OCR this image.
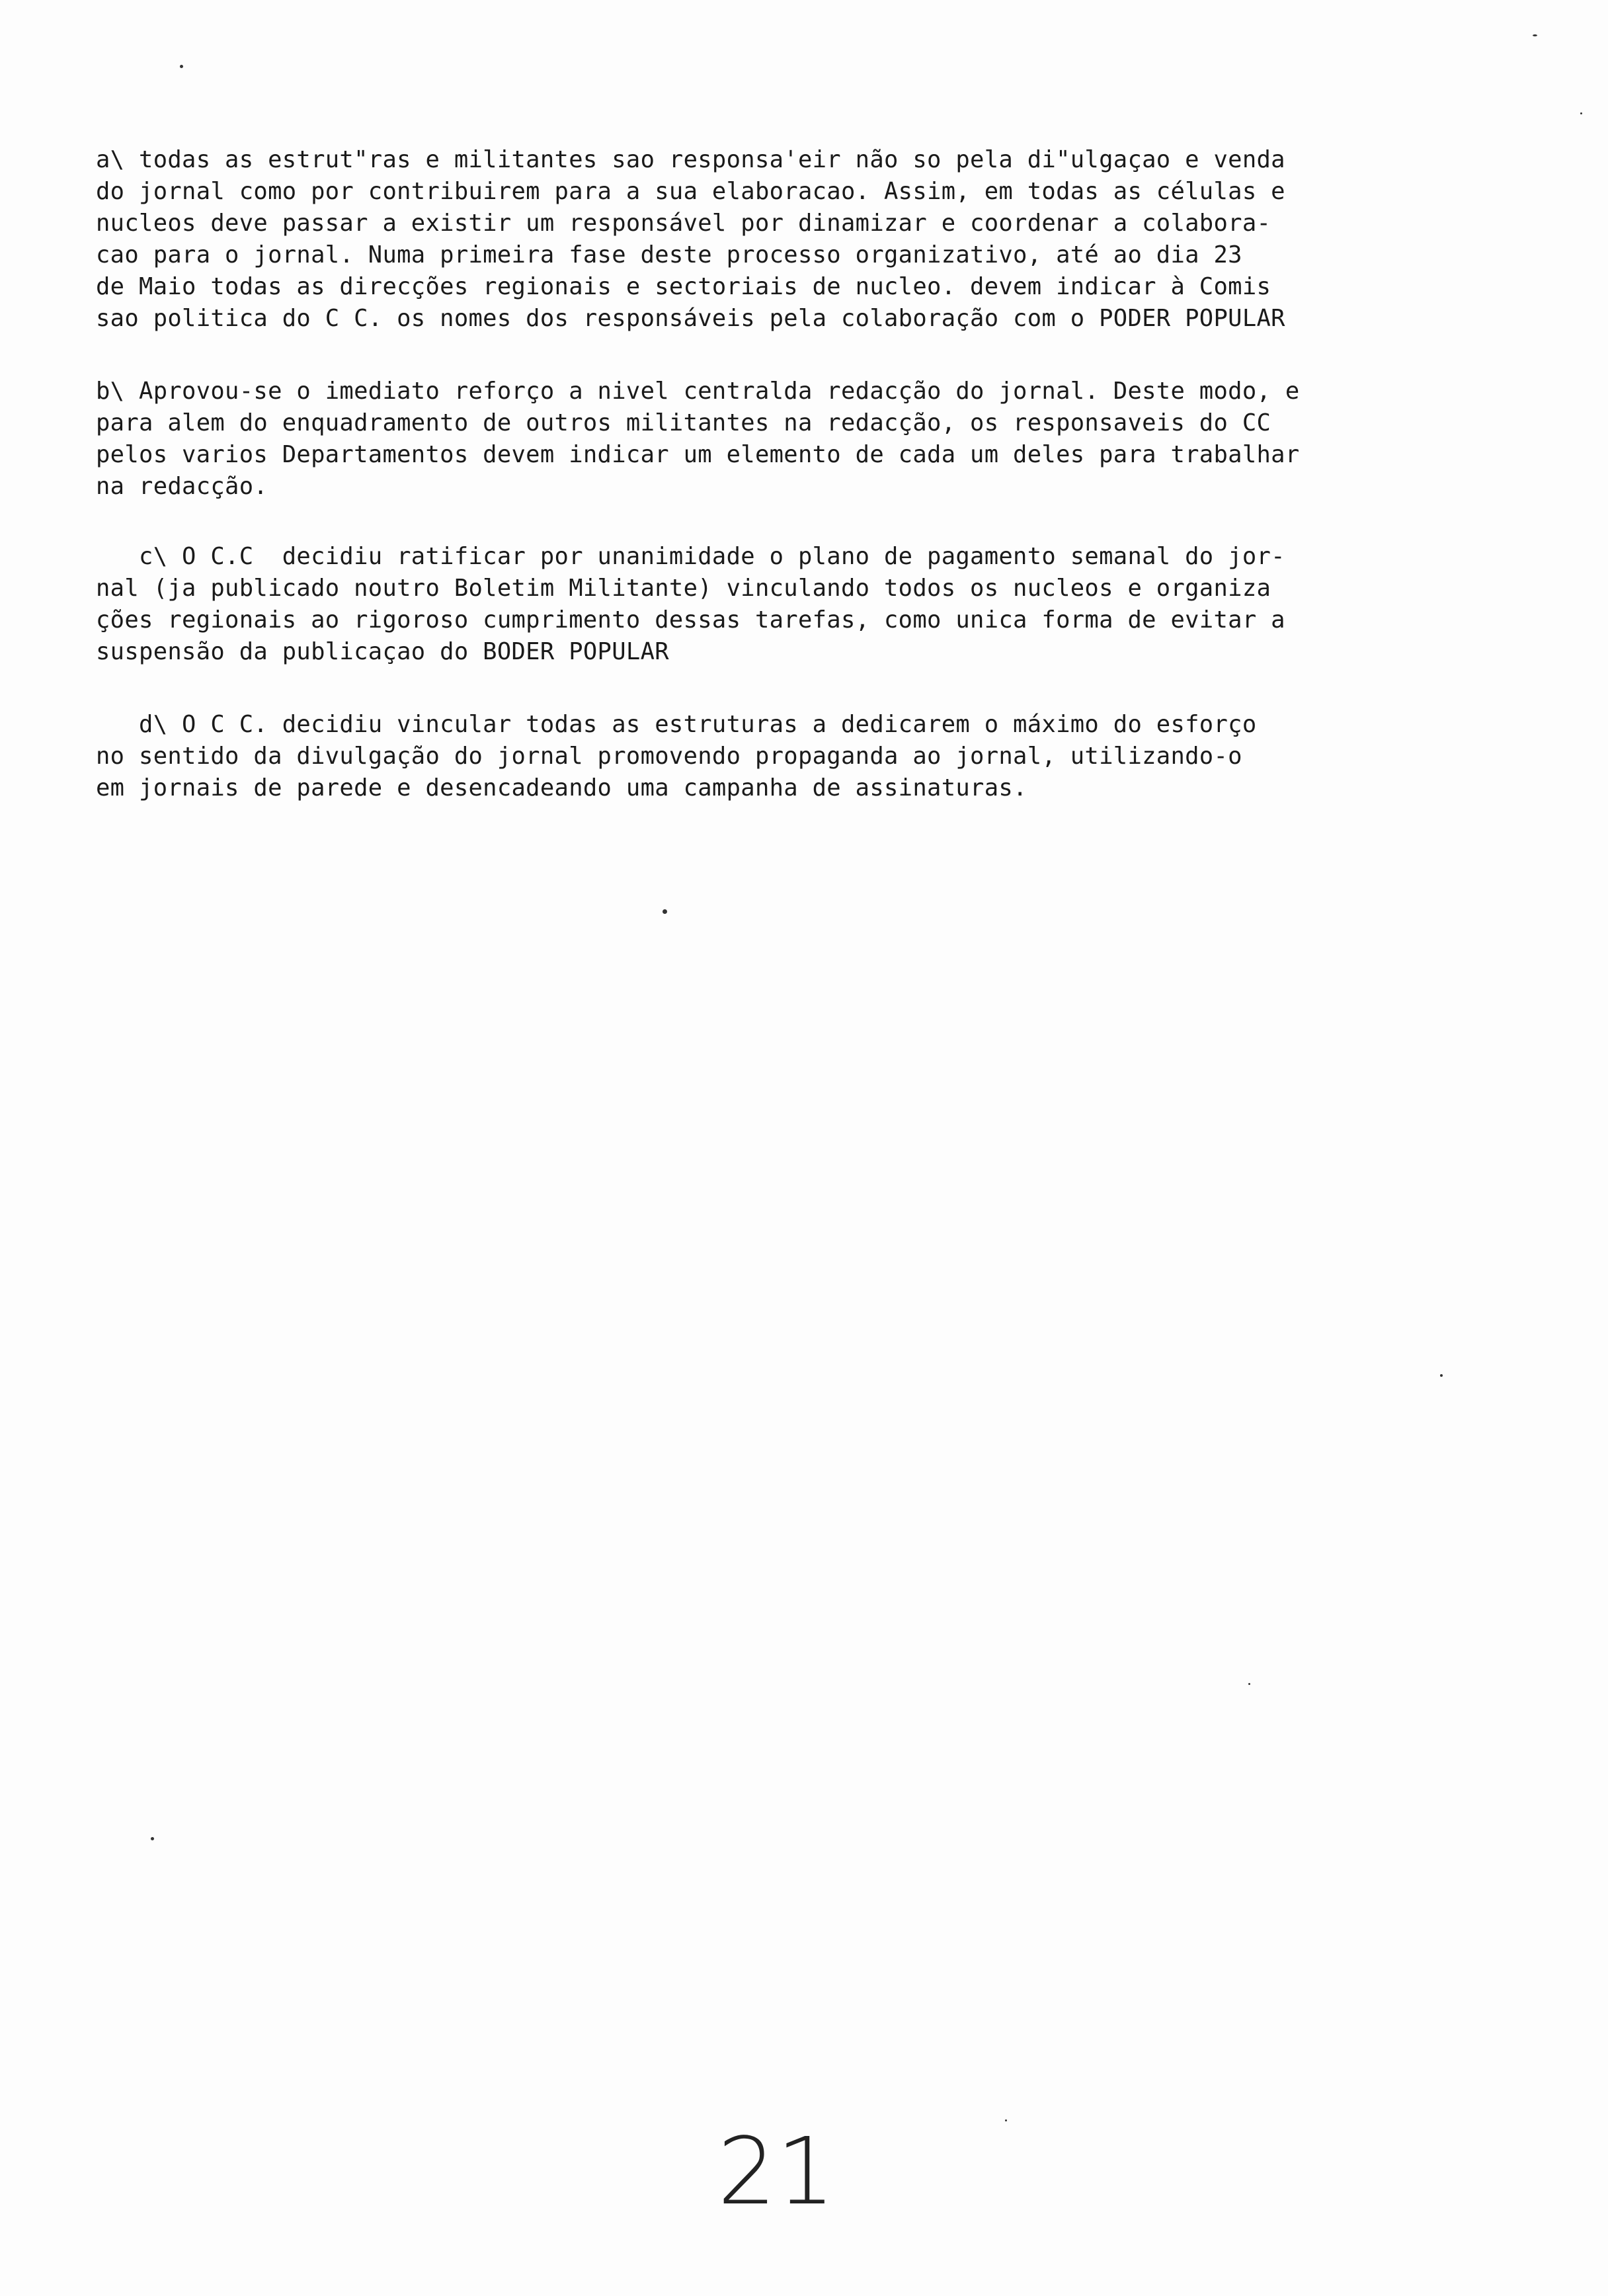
a\ todas as estrut"ras e militantes sao responsa'eir não so pela di"ulgaçao e venda
do jornal como por contribuirem para a sua elaboracao. Assim, em todas as células e
nucleos deve passar a existir um responsável por dinamizar e coordenar a colabora-
cao para o jornal. Numa primeira fase deste processo organizativo, até ao dia 23
de Maio todas as direcções regionais e sectoriais de nucleo. devem indicar à Comis
sao politica do C C. os nomes dos responsáveis pela colaboração com o PODER POPULAR
b\ Aprovou-se o imediato reforço a nivel centralda redacção do jornal. Deste modo, e
para alem do enquadramento de outros militantes na redacção, os responsaveis do CC
pelos varios Departamentos devem indicar um elemento de cada um deles para trabalhar
na redacção.
c\ O C.C  decidiu ratificar por unanimidade o plano de pagamento semanal do jor-
nal (ja publicado noutro Boletim Militante) vinculando todos os nucleos e organiza
ções regionais ao rigoroso cumprimento dessas tarefas, como unica forma de evitar a
suspensão da publicaçao do BODER POPULAR
d\ O C C. decidiu vincular todas as estruturas a dedicarem o máximo do esforço
no sentido da divulgação do jornal promovendo propaganda ao jornal, utilizando-o
em jornais de parede e desencadeando uma campanha de assinaturas.
21
